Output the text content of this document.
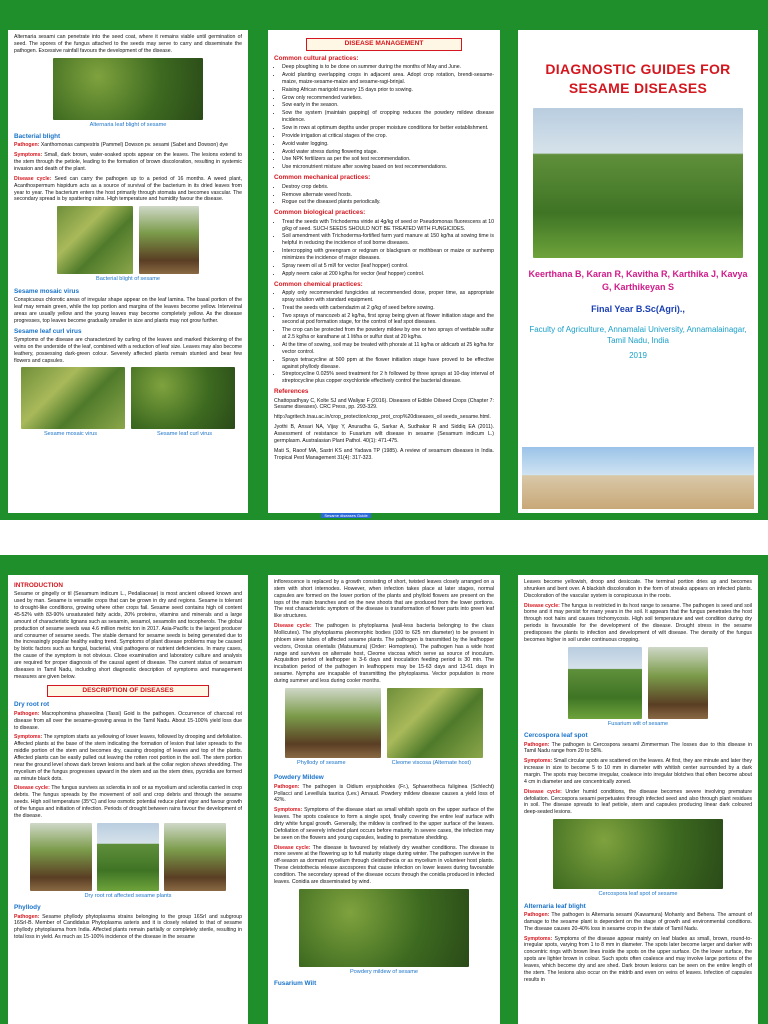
Alternaria sesami can penetrate into the seed coat, where it remains viable until germination of seed. The spores of the fungus attached to the seeds may serve to carry and disseminate the pathogen. Excessive rainfall favours the development of the disease.

Alternaria leaf blight of sesame
Bacterial blight

Pathogen: Xanthomonas campestris (Pammel) Dowson pv. sesami (Sabet and Dowson) dye

Symptoms: Small, dark brown, water-soaked spots appear on the leaves. The lesions extend to the stem through the petiole, leading to the formation of brown discoloration, resulting in systemic invasion and death of the plant.

Disease cycle: Seed can carry the pathogen up to a period of 16 months. A weed plant, Acanthospermum hispidum acts as a source of survival of the bacterium in its dried leaves from year to year. The bacterium enters the host primarily through stomata and becomes vascular. The secondary spread is by spattering rains. High temperature and humidity favour the disease.

Bacterial blight of sesame
Sesame mosaic virus

Conspicuous chlorotic areas of irregular shape appear on the leaf lamina. The basal portion of the leaf may remain green, while the top portion and margins of the leaves become yellow. Interveinal areas are usually yellow and the young leaves may become completely yellow. As the disease progresses, top leaves become gradually smaller in size and plants may not grow further.

Sesame leaf curl virus

Symptoms of the disease are characterized by curling of the leaves and marked thickening of the veins on the underside of the leaf, combined with a reduction of leaf size. Leaves may also become leathery, possessing dark-green colour. Severely affected plants remain stunted and bear few flowers and capsules.

Sesame mosaic virus	Sesame leaf curl virus
DISEASE MANAGEMENT
Common cultural practices:
• Deep ploughing is to be done on summer during the months of May and June.
• Avoid planting overlapping crops in adjacent area. Adopt crop rotation, brendi-sesame-maize, maize-sesame-maize and sesame-ragi-brinjal.
• Raising African marigold nursery 15 days prior to sowing.
• Grow only recommended varieties.
• Sow early in the season.
• Sow the system (maintain gapping) of cropping reduces the powdery mildew disease incidence.
• Sow in rows at optimum depths under proper moisture conditions for better establishment.
• Provide irrigation at critical stages of the crop.
• Avoid water logging.
• Avoid water stress during flowering stage.
• Use NPK fertilizers as per the soil test recommendation.
• Use micronutrient mixture after sowing based on test recommendations.
Common mechanical practices:
• Destroy crop debris.
• Remove alternate weed hosts.
• Rogue out the diseased plants periodically.
Common biological practices:
• Treat the seeds with Trichoderma viride at 4g/kg of seed or Pseudomonas fluorescens at 10 g/kg of seed. SUCH SEEDS SHOULD NOT BE TREATED WITH FUNGICIDES.
• Soil amendment with Trichoderma-fortified farm yard manure at 150 kg/ha at sowing time is helpful in reducing the incidence of soil borne diseases.
• Intercropping with greengram or redgram or blackgram or mothbean or maize or sunhemp minimizes the incidence of major diseases.
• Spray neem oil at 5 ml/l for vector (leaf hopper) control.
• Apply neem cake at 200 kg/ha for vector (leaf hopper) control.
Common chemical practices:
• Apply only recommended fungicides at recommended dose, proper time, as appropriate spray solution with standard equipment.
• Treat the seeds with carbendazim at 2 g/kg of seed before sowing.
• Two sprays of mancozeb at 2 kg/ha, first spray being given at flower initiation stage and the second at pod formation stage, for the control of leaf spot diseases.
• The crop can be protected from the powdery mildew by one or two sprays of wettable sulfur at 2.5 kg/ha or karathane at 1 lit/ha or sulfur dust at 20 kg/ha.
• At the time of sowing, soil may be treated with phorate at 11 kg/ha or aldicarb at 25 kg/ha for vector control.
• Sprays tetracycline at 500 ppm at the flower initiation stage have proved to be effective against phyllody disease.
• Streptocycline 0.025% seed treatment for 2 h followed by three sprays at 10-day interval of streptocycline plus copper oxychloride effectively control the bacterial disease.
References

Chattopadhyay C, Kolte SJ and Waliyar F (2016). Diseases of Edible Oilseed Crops (Chapter 7: Sesame diseases). CRC Press, pp. 293-329.

http://agritech.tnau.ac.in/crop_protection/crop_prot_crop%20diseases_oil seeds_sesame.html.

Jyothi B, Ansari NA, Vijay Y, Anuradha G, Sarkar A, Sudhakar R and Siddiq EA (2011). Assessment of resistance to Fusarium wilt disease in sesame (Sesamum indicum L.) germplasm. Australasian Plant Pathol. 40(1): 471-475.

Mati S, Raoof MA, Sastri KS and Yadava TP (1985). A review of sesamum diseases in India. Tropical Pest Management 31(4): 317-323.

DIAGNOSTIC GUIDES FOR SESAME DISEASES
Keerthana B, Karan R, Kavitha R, Karthika J, Kavya G, Karthikeyan S
Final Year B.Sc(Agri).,
Faculty of Agriculture, Annamalai University, Annamalainagar, Tamil Nadu, India
2019
Sesame diseases Guide
INTRODUCTION

Sesame or gingelly or til (Sesamum indicum L., Pedaliaceae) is most ancient oilseed known and used by man. Sesame is versatile crops that can be grown in dry and regions. Sesame is tolerant to drought-like conditions, growing where other crops fail. Sesame seed contains high oil content 45-52% with 83-90% unsaturated fatty acids, 20% proteins, vitamins and minerals and a large amount of characteristic lignans such as sesamin, sesamol, sesamolin and tocopherols. The global production of sesame seeds was 4.6 million metric ton in 2017. Asia-Pacific is the largest producer and consumer of sesame seeds. The stable demand for sesame seeds is being generated due to the increasingly popular healthy eating trend. Symptoms of plant disease problems may be caused by biotic factors such as fungal, bacterial, viral pathogens or nutrient deficiencies. In many cases, the cause of the symptom is not obvious. Close examination and laboratory culture and analysis are required for proper diagnosis of the causal agent of disease. The current status of sesamum diseases in Tamil Nadu, including short diagnostic description of symptoms and management measures are given below.

DESCRIPTION OF DISEASES
Dry root rot

Pathogen: Macrophomina phaseolina (Tassi) Goid is the pathogen. Occurrence of charcoal rot disease from all over the sesame-growing areas in the Tamil Nadu. About 15-100% yield loss due to disease.

Symptoms: The symptom starts as yellowing of lower leaves, followed by drooping and defoliation. Affected plants at the base of the stem indicating the formation of lesion that later spreads to the middle portion of the stem and becomes dry, causing drooping of leaves and top of the plants. Affected plants can be easily pulled out leaving the rotten root portion in the soil. The stem portion near the ground level shows dark brown lesions and bark at the collar region shows shredding. The mycelium of the fungus progresses upward in the stem and as the stem dries, pycnidia are formed as minute black dots.

Disease cycle: The fungus survives as sclerotia in soil or as mycelium and sclerotia carried in crop debris. The fungus spreads by the movement of soil and crop debris and through the sesame seeds. High soil temperature (35°C) and low osmotic potential reduce plant vigor and favour growth of the fungus and initiation of infection. Periods of drought between rains favour the development of the disease.

Dry root rot affected sesame plants
Phyllody

Pathogen: Sesame phyllody phytoplasma strains belonging to the group 16SrI and subgroup 16SrI-B. Member of Candidatus Phytoplasma asteris and it is closely related to that of sesame phyllody phytoplasma from India. Affected plants remain partially or completely sterile, resulting in total loss in yield. As much as 15-100% incidence of the disease in the sesame

inflorescence is replaced by a growth consisting of short, twisted leaves closely arranged on a stem with short internodes. However, when infection takes place at later stages, normal capsules are formed on the lower portion of the plants and phylloid flowers are present on the tops of the main branches and on the new shoots that are produced from the lower portions. The rest characteristic symptom of the disease is transformation of flower parts into green leaf like structures.

Disease cycle: The pathogen is phytoplasma (wall-less bacteria belonging to the class Mollicutes). The phytoplasma pleomorphic bodies (100 to 625 nm diameter) to be present in phloem sieve tubes of affected sesame plants. The pathogen is transmitted by the leafhopper vectors, Orosius orientalis (Matsumura) (Order: Homoptera). The pathogen has a wide host range and survives on alternate host, Cleome viscosa which serve as source of inoculum. Acquisition period of leafhopper is 3-6 days and inoculation feeding period is 30 min. The incubation period of the pathogen in leafhoppers may be 15-63 days and 13-61 days in sesame. Nymphs are incapable of transmitting the phytoplasma. Vector population is more during summer and less during cooler months.

Phyllody of sesame	Cleome viscosa (Alternate host)
Powdery Mildew

Pathogen: The pathogen is Oidium erysiphoides (Fr.), Sphaerotheca fuliginea (Schlecht) Pollacci and Leveillula taurica (Lev.) Arnaud. Powdery mildew disease causes a yield loss of 42%.

Symptoms: Symptoms of the disease start as small whitish spots on the upper surface of the leaves. The spots coalesce to form a single spot, finally covering the entire leaf surface with dirty white fungal growth. Generally, the mildew is confined to the upper surface of the leaves. Defoliation of severely infected plant occurs before maturity. In severe cases, the infection may be seen on the flowers and young capsules, leading to premature shedding.

Disease cycle: The disease is favoured by relatively dry weather conditions. The disease is more severe at the flowering up to full maturity stage during winter. The pathogen survive in the off-season as dormant mycelium through cleistothecia or as mycelium in volunteer host plants. These cleistothecia release ascospores that cause infection on lower leaves during favourable condition. The secondary spread of the disease occurs through the conidia produced in infected leaves. Conidia are disseminated by wind.

Powdery mildew of sesame
Fusarium Wilt

Leaves become yellowish, droop and desiccate. The terminal portion dries up and becomes shrunken and bent over. A blackish discoloration in the form of streaks appears on infected plants. Discoloration of the vascular system is conspicuous in the roots.

Disease cycle: The fungus is restricted in its host range to sesame. The pathogen is seed and soil borne and it may persist for many years in the soil. It appears that the fungus penetrates the host through root hairs and causes trichomycosis. High soil temperature and wet condition during dry periods is favourable for the development of the disease. Drought stress in the sesame predisposes the plants to infection and development of wilt disease. The density of the fungus becomes higher in soil under continuous cropping.

Fusarium wilt of sesame
Cercospora leaf spot

Pathogen: The pathogen is Cercospora sesami Zimmerman The losses due to this disease in Tamil Nadu range from 20 to 58%.

Symptoms: Small circular spots are scattered on the leaves. At first, they are minute and later they increase in size to become 5 to 10 mm in diameter with whitish center surrounded by a dark margin. The spots may become irregular, coalesce into irregular blotches that often become about 4 cm in diameter and are concentrically zoned.

Disease cycle: Under humid conditions, the disease becomes severe involving premature defoliation. Cercospora sesami perpetuates through infected seed and also through plant residues in soil. The disease spreads to leaf petiole, stem and capsules producing linear dark coloured deep-seated lesions.

Cercospora leaf spot of sesame
Alternaria leaf blight

Pathogen: The pathogen is Alternaria sesami (Kawamura) Mohanty and Behera. The amount of damage to the sesame plant is dependent on the stage of growth and environmental conditions. The disease causes 20-40% loss in sesame crop in the state of Tamil Nadu.

Symptoms: Symptoms of the disease appear mainly on leaf blades as small, brown, round-to-irregular spots, varying from 1 to 8 mm in diameter. The spots later become larger and darker with concentric rings with brown lines inside the spots on the upper surface. On the lower surface, the spots are lighter brown in colour. Such spots often coalesce and may involve large portions of the leaves, which become dry and are shed. Dark brown lesions can be seen on the entire length of the stem. The lesions also occur on the midrib and even on veins of leaves. Infection of capsules results in
